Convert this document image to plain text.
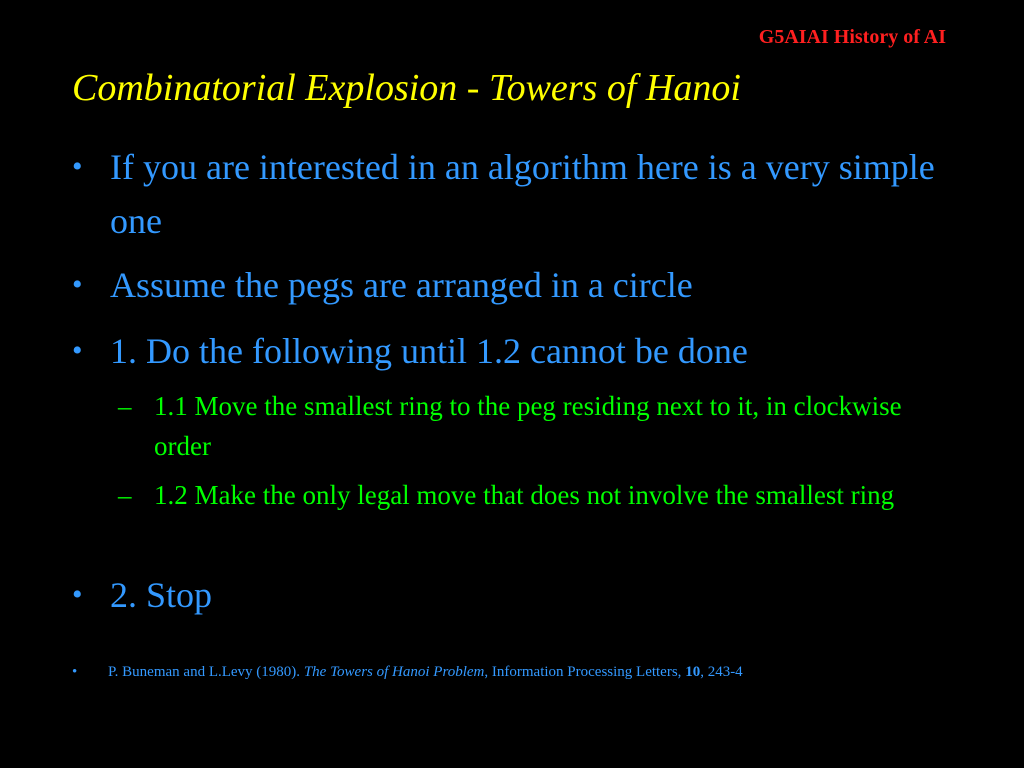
G5AIAI History of AI
Combinatorial Explosion - Towers of Hanoi
• If you are interested in an algorithm here is a very simple one
• Assume the pegs are arranged in a circle
• 1. Do the following until 1.2 cannot be done
– 1.1 Move the smallest ring to the peg residing next to it, in clockwise order
– 1.2 Make the only legal move that does not involve the smallest ring
• 2. Stop
• P. Buneman and L.Levy (1980). The Towers of Hanoi Problem, Information Processing Letters, 10, 243-4
